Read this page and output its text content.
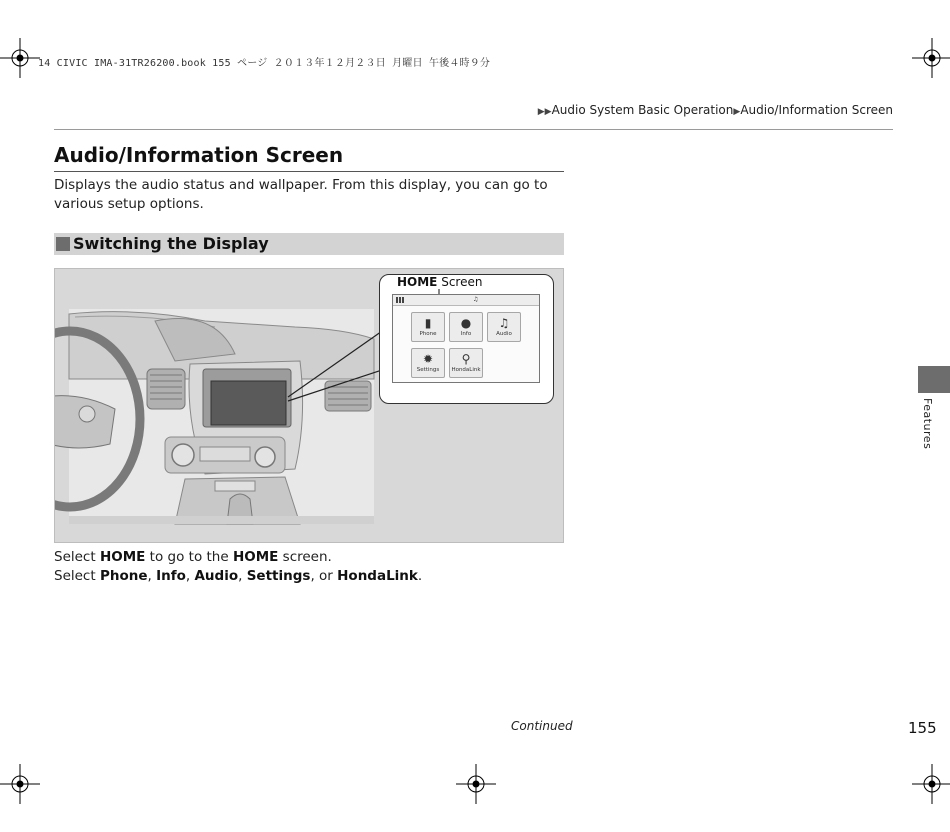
14 CIVIC IMA-31TR26200.book 155 ページ ２０１３年１２月２３日 月曜日 午後４時９分
▶▶Audio System Basic Operation▶Audio/Information Screen
Audio/Information Screen
Displays the audio status and wallpaper. From this display, you can go to various setup options.
Switching the Display
HOME Screen
♫
▮
Phone
●
Info
♫
Audio
✹
Settings
⚲
HondaLink
Select HOME to go to the HOME screen.
Select Phone, Info, Audio, Settings, or HondaLink.
Features
Continued	155
